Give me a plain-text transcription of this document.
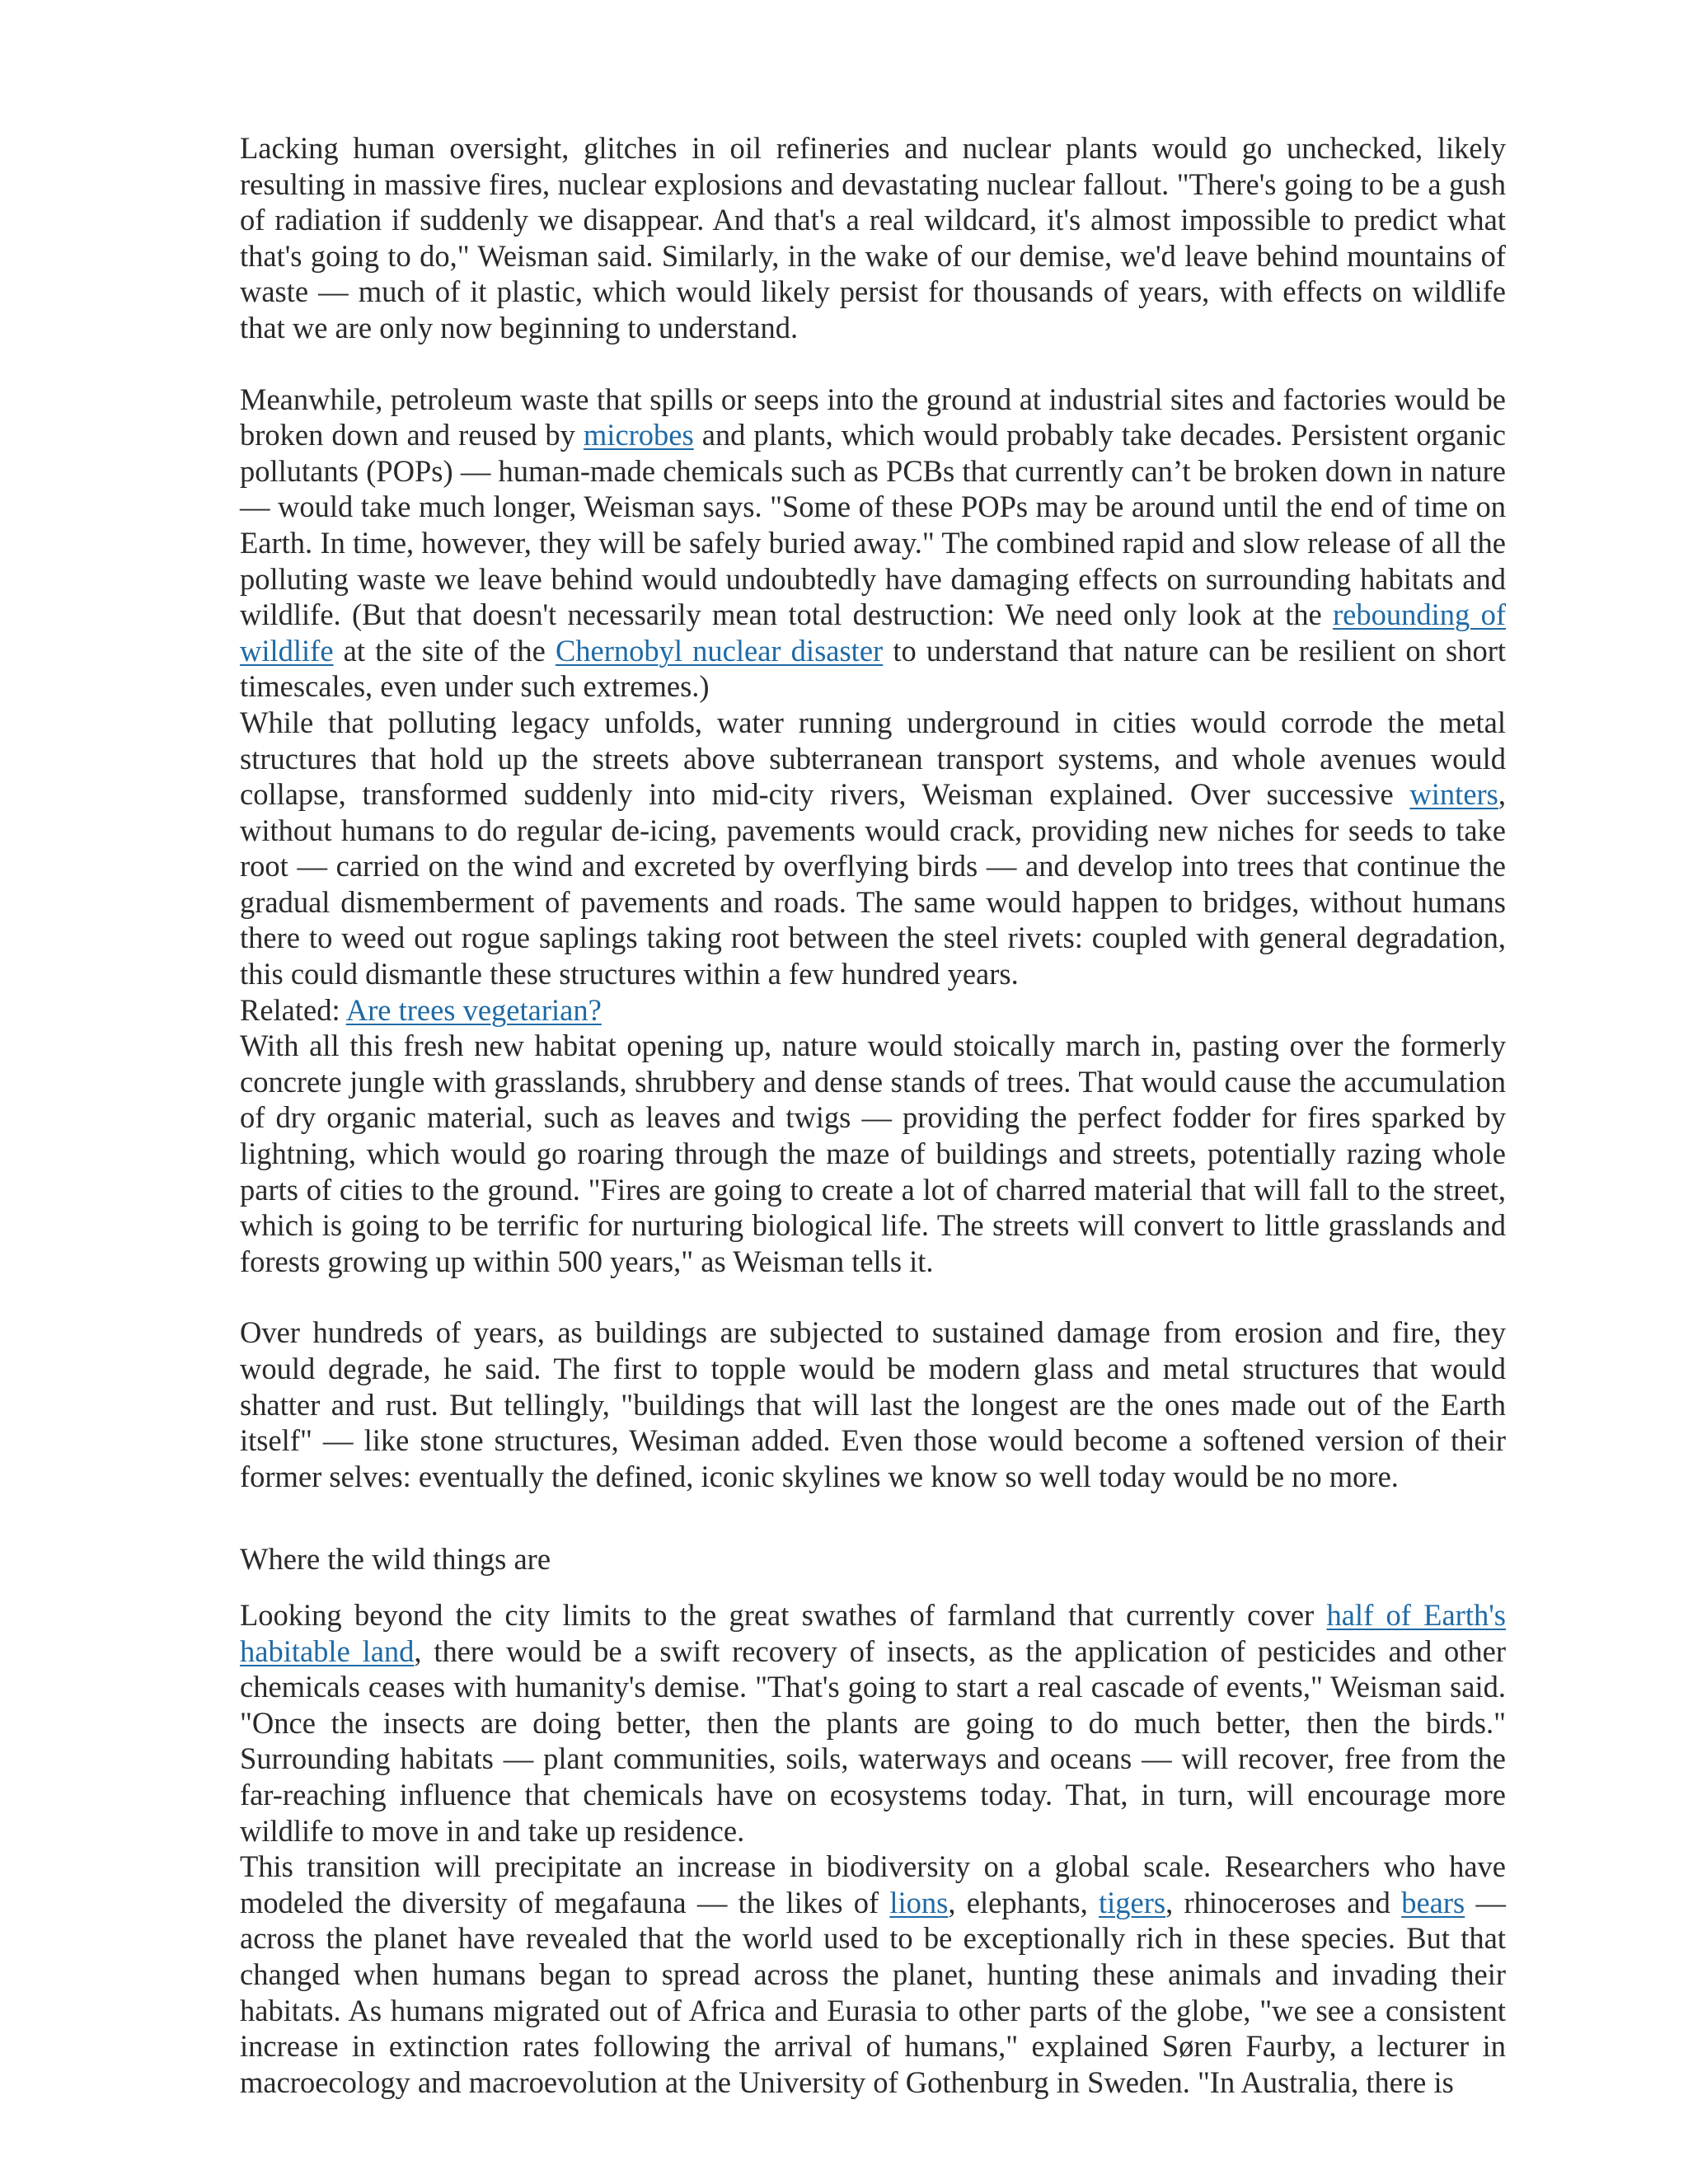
Lacking human oversight, glitches in oil refineries and nuclear plants would go unchecked, likely resulting in massive fires, nuclear explosions and devastating nuclear fallout. "There's going to be a gush of radiation if suddenly we disappear. And that's a real wildcard, it's almost impossible to predict what that's going to do," Weisman said. Similarly, in the wake of our demise, we'd leave behind mountains of waste — much of it plastic, which would likely persist for thousands of years, with effects on wildlife that we are only now beginning to understand.

Meanwhile, petroleum waste that spills or seeps into the ground at industrial sites and factories would be broken down and reused by microbes and plants, which would probably take decades. Persistent organic pollutants (POPs) — human-made chemicals such as PCBs that currently can’t be broken down in nature — would take much longer, Weisman says. "Some of these POPs may be around until the end of time on Earth. In time, however, they will be safely buried away." The combined rapid and slow release of all the polluting waste we leave behind would undoubtedly have damaging effects on surrounding habitats and wildlife. (But that doesn't necessarily mean total destruction: We need only look at the rebounding of wildlife at the site of the Chernobyl nuclear disaster to understand that nature can be resilient on short timescales, even under such extremes.)

While that polluting legacy unfolds, water running underground in cities would corrode the metal structures that hold up the streets above subterranean transport systems, and whole avenues would collapse, transformed suddenly into mid-city rivers, Weisman explained. Over successive winters, without humans to do regular de-icing, pavements would crack, providing new niches for seeds to take root — carried on the wind and excreted by overflying birds — and develop into trees that continue the gradual dismemberment of pavements and roads. The same would happen to bridges, without humans there to weed out rogue saplings taking root between the steel rivets: coupled with general degradation, this could dismantle these structures within a few hundred years.

Related: Are trees vegetarian?

With all this fresh new habitat opening up, nature would stoically march in, pasting over the formerly concrete jungle with grasslands, shrubbery and dense stands of trees. That would cause the accumulation of dry organic material, such as leaves and twigs — providing the perfect fodder for fires sparked by lightning, which would go roaring through the maze of buildings and streets, potentially razing whole parts of cities to the ground. "Fires are going to create a lot of charred material that will fall to the street, which is going to be terrific for nurturing biological life. The streets will convert to little grasslands and forests growing up within 500 years," as Weisman tells it.

Over hundreds of years, as buildings are subjected to sustained damage from erosion and fire, they would degrade, he said. The first to topple would be modern glass and metal structures that would shatter and rust. But tellingly, "buildings that will last the longest are the ones made out of the Earth itself" — like stone structures, Wesiman added. Even those would become a softened version of their former selves: eventually the defined, iconic skylines we know so well today would be no more.

Where the wild things are

Looking beyond the city limits to the great swathes of farmland that currently cover half of Earth's habitable land, there would be a swift recovery of insects, as the application of pesticides and other chemicals ceases with humanity's demise. "That's going to start a real cascade of events," Weisman said. "Once the insects are doing better, then the plants are going to do much better, then the birds." Surrounding habitats — plant communities, soils, waterways and oceans — will recover, free from the far-reaching influence that chemicals have on ecosystems today. That, in turn, will encourage more wildlife to move in and take up residence.

This transition will precipitate an increase in biodiversity on a global scale. Researchers who have modeled the diversity of megafauna — the likes of lions, elephants, tigers, rhinoceroses and bears — across the planet have revealed that the world used to be exceptionally rich in these species. But that changed when humans began to spread across the planet, hunting these animals and invading their habitats. As humans migrated out of Africa and Eurasia to other parts of the globe, "we see a consistent increase in extinction rates following the arrival of humans," explained Søren Faurby, a lecturer in macroecology and macroevolution at the University of Gothenburg in Sweden. "In Australia, there is
